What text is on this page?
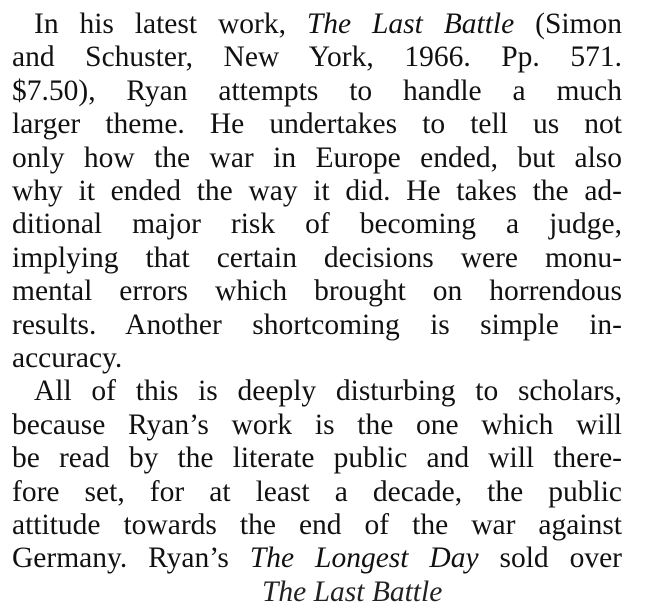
In his latest work, The Last Battle (Simon
and Schuster, New York, 1966. Pp. 571.
$7.50), Ryan attempts to handle a much
larger theme. He undertakes to tell us not
only how the war in Europe ended, but also
why it ended the way it did. He takes the ad-
ditional major risk of becoming a judge,
implying that certain decisions were monu-
mental errors which brought on horrendous
results. Another shortcoming is simple in-
accuracy.
All of this is deeply disturbing to scholars,
because Ryan’s work is the one which will
be read by the literate public and will there-
fore set, for at least a decade, the public
attitude towards the end of the war against
Germany. Ryan’s The Longest Day sold over
The Last Battle
